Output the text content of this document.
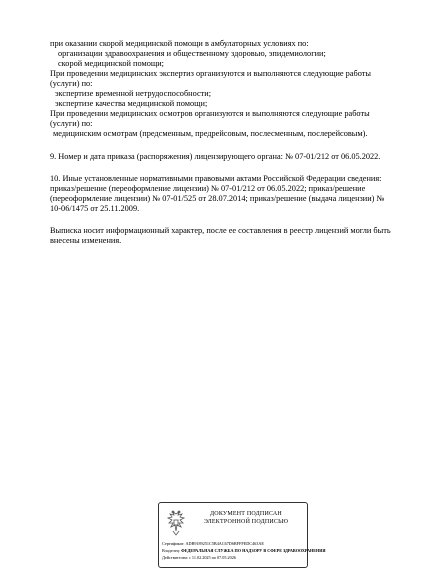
при оказании скорой медицинской помощи в амбулаторных условиях по:
организации здравоохранения и общественному здоровью, эпидемиологии;
скорой медицинской помощи;
При проведении медицинских экспертиз организуются и выполняются следующие работы
(услуги) по:
экспертизе временной нетрудоспособности;
экспертизе качества медицинской помощи;
При проведении медицинских осмотров организуются и выполняются следующие работы
(услуги) по:
медицинским осмотрам (предсменным, предрейсовым, послесменным, послерейсовым).
9. Номер и дата приказа (распоряжения) лицензирующего органа: № 07-01/212 от 06.05.2022.
10. Иные установленные нормативными правовыми актами Российской Федерации сведения:
приказ/решение (переоформление лицензии) № 07-01/212 от 06.05.2022; приказ/решение
(переоформление лицензии) № 07-01/525 от 28.07.2014; приказ/решение (выдача лицензии) №
10-06/1475 от 25.11.2009.
Выписка носит информационный характер, после ее составления в реестр лицензий могли быть
внесены изменения.
ДОКУМЕНТ ПОДПИСАН
ЭЛЕКТРОННОЙ ПОДПИСЬЮ
Сертификат: ADB9189251C5B4AC67D6BFFFEDC463AE
Владелец: ФЕДЕРАЛЬНАЯ СЛУЖБА ПО НАДЗОРУ В СФЕРЕ ЗДРАВООХРАНЕНИЯ
Действителен: с 11.02.2025 по 07.05.2026
